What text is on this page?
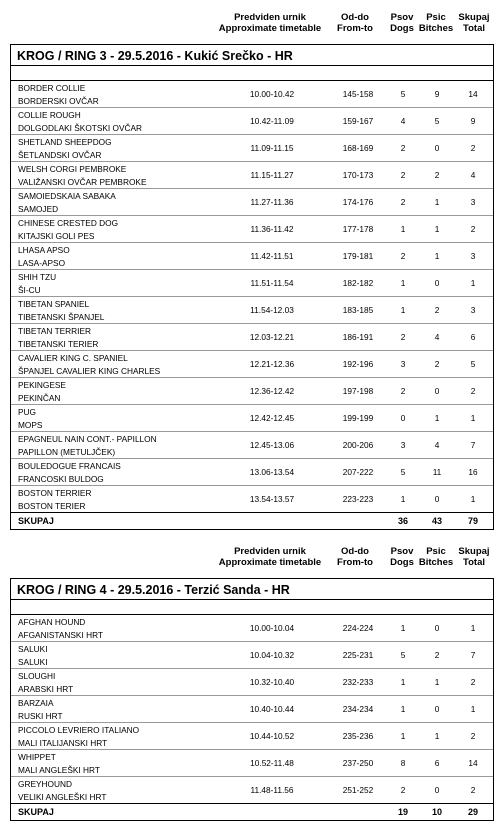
Predviden urnik
Approximate timetable
Od-do
From-to
Psov
Dogs
Psic
Bitches
Skupaj
Total
KROG / RING 3 - 29.5.2016 - Kukić Srečko - HR
BORDER COLLIE
BORDERSKI OVČAR
10.00-10.42	145-158	5	9	14
COLLIE ROUGH
DOLGODLAKI ŠKOTSKI OVČAR
10.42-11.09	159-167	4	5	9
SHETLAND SHEEPDOG
ŠETLANDSKI OVČAR
11.09-11.15	168-169	2	0	2
WELSH CORGI PEMBROKE
VALIŽANSKI OVČAR PEMBROKE
11.15-11.27	170-173	2	2	4
SAMOIEDSKAIA SABAKA
SAMOJED
11.27-11.36	174-176	2	1	3
CHINESE CRESTED DOG
KITAJSKI GOLI PES
11.36-11.42	177-178	1	1	2
LHASA APSO
LASA-APSO
11.42-11.51	179-181	2	1	3
SHIH TZU
ŠI-CU
11.51-11.54	182-182	1	0	1
TIBETAN SPANIEL
TIBETANSKI ŠPANJEL
11.54-12.03	183-185	1	2	3
TIBETAN TERRIER
TIBETANSKI TERIER
12.03-12.21	186-191	2	4	6
CAVALIER KING C. SPANIEL
ŠPANJEL CAVALIER KING CHARLES
12.21-12.36	192-196	3	2	5
PEKINGESE
PEKINČAN
12.36-12.42	197-198	2	0	2
PUG
MOPS
12.42-12.45	199-199	0	1	1
EPAGNEUL NAIN CONT.- PAPILLON
PAPILLON (METULJČEK)
12.45-13.06	200-206	3	4	7
BOULEDOGUE FRANCAIS
FRANCOSKI BULDOG
13.06-13.54	207-222	5	11	16
BOSTON TERRIER
BOSTON TERIER
13.54-13.57	223-223	1	0	1
SKUPAJ	36	43	79
Predviden urnik
Approximate timetable
Od-do
From-to
Psov
Dogs
Psic
Bitches
Skupaj
Total
KROG / RING 4 - 29.5.2016 - Terzić Sanda - HR
AFGHAN HOUND
AFGANISTANSKI HRT
10.00-10.04	224-224	1	0	1
SALUKI
SALUKI
10.04-10.32	225-231	5	2	7
SLOUGHI
ARABSKI HRT
10.32-10.40	232-233	1	1	2
BARZAIA
RUSKI HRT
10.40-10.44	234-234	1	0	1
PICCOLO LEVRIERO ITALIANO
MALI ITALIJANSKI HRT
10.44-10.52	235-236	1	1	2
WHIPPET
MALI ANGLEŠKI HRT
10.52-11.48	237-250	8	6	14
GREYHOUND
VELIKI ANGLEŠKI HRT
11.48-11.56	251-252	2	0	2
SKUPAJ	19	10	29
